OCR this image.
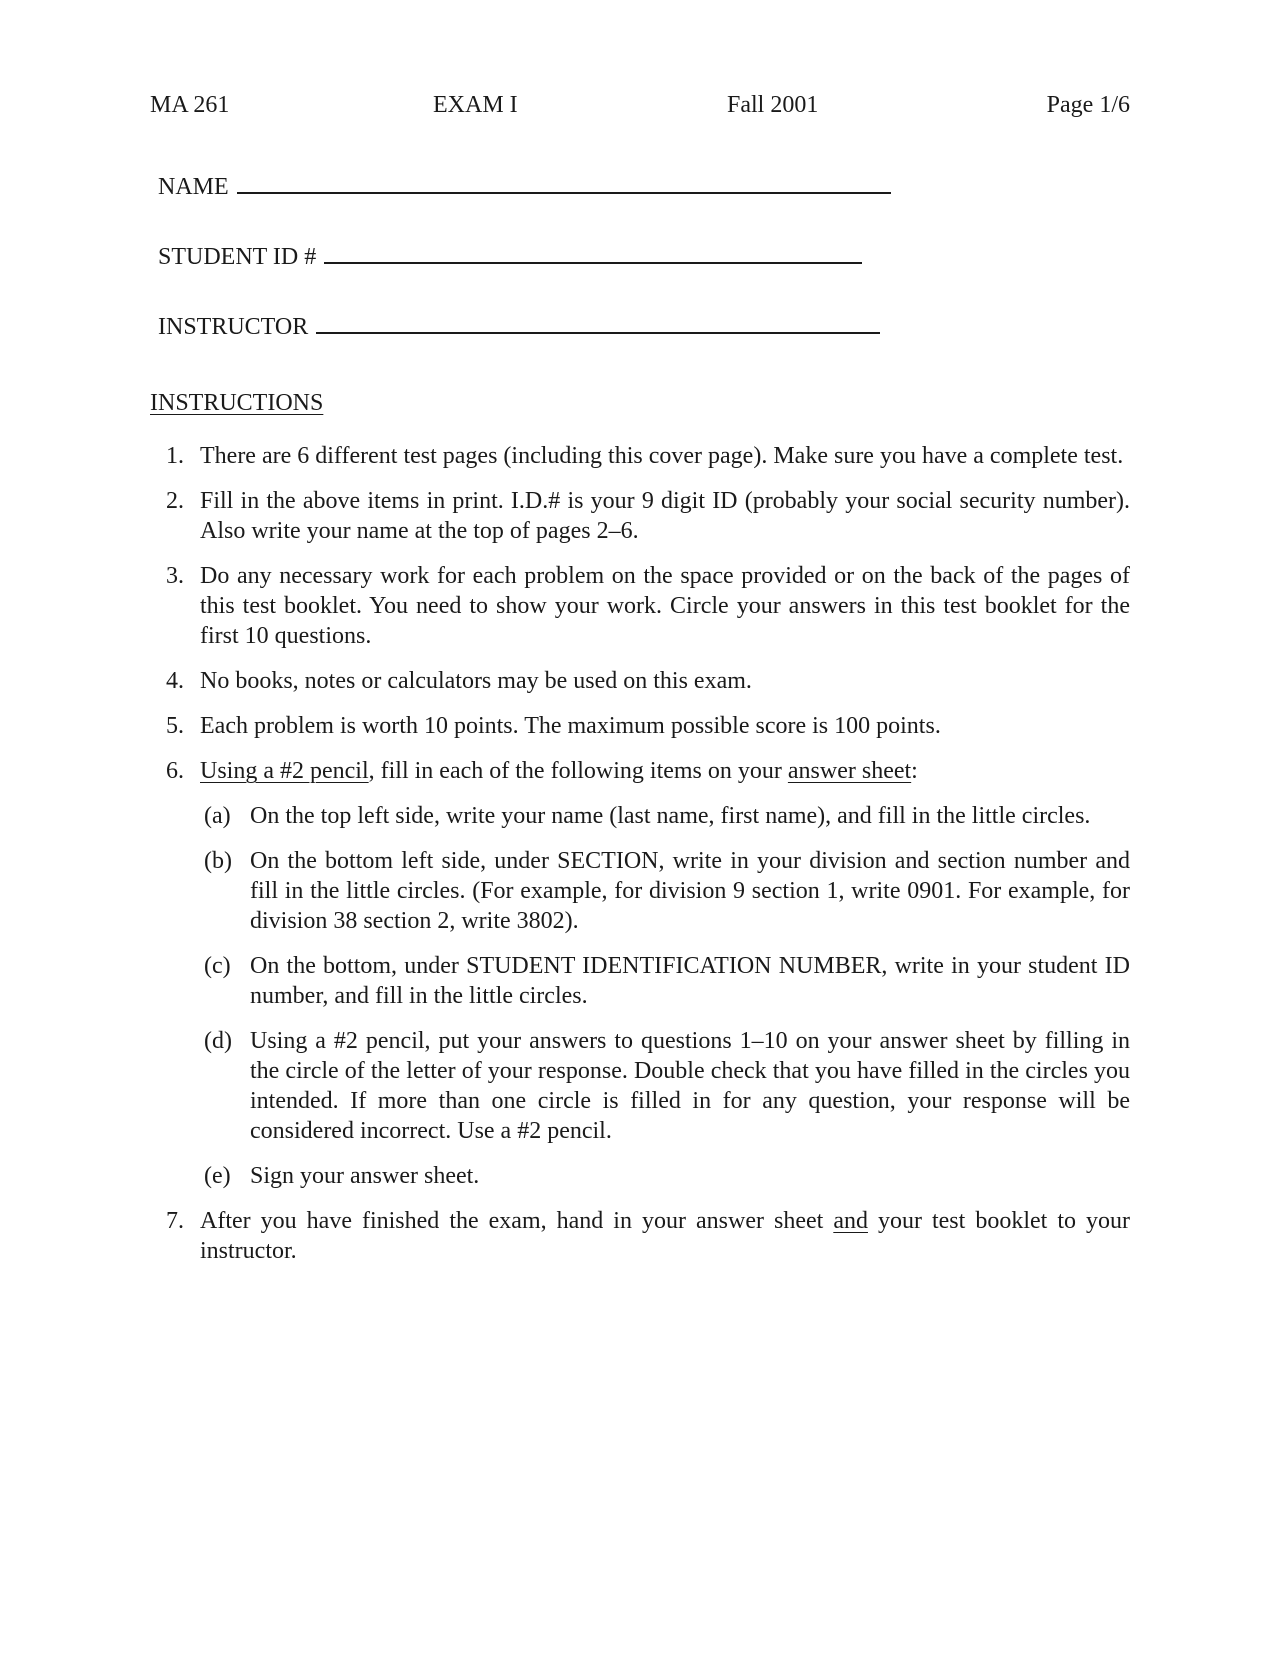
MA 261	EXAM I	Fall 2001	Page 1/6
NAME
STUDENT ID #
INSTRUCTOR
INSTRUCTIONS
1. There are 6 different test pages (including this cover page). Make sure you have a complete test.
2. Fill in the above items in print. I.D.# is your 9 digit ID (probably your social security number). Also write your name at the top of pages 2–6.
3. Do any necessary work for each problem on the space provided or on the back of the pages of this test booklet. You need to show your work. Circle your answers in this test booklet for the first 10 questions.
4. No books, notes or calculators may be used on this exam.
5. Each problem is worth 10 points. The maximum possible score is 100 points.
6. Using a #2 pencil, fill in each of the following items on your answer sheet:
(a) On the top left side, write your name (last name, first name), and fill in the little circles.
(b) On the bottom left side, under SECTION, write in your division and section number and fill in the little circles. (For example, for division 9 section 1, write 0901. For example, for division 38 section 2, write 3802).
(c) On the bottom, under STUDENT IDENTIFICATION NUMBER, write in your student ID number, and fill in the little circles.
(d) Using a #2 pencil, put your answers to questions 1–10 on your answer sheet by filling in the circle of the letter of your response. Double check that you have filled in the circles you intended. If more than one circle is filled in for any question, your response will be considered incorrect. Use a #2 pencil.
(e) Sign your answer sheet.
7. After you have finished the exam, hand in your answer sheet and your test booklet to your instructor.
